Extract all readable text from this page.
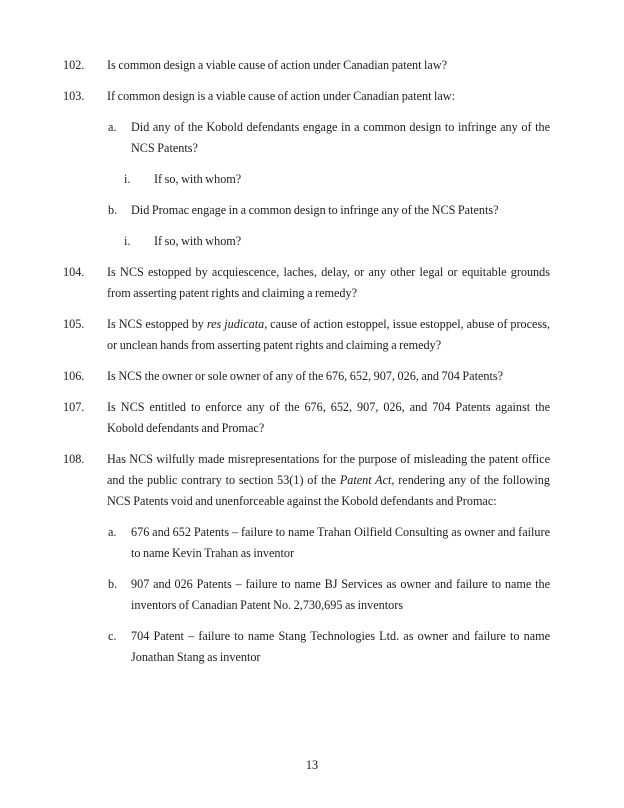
102.	Is common design a viable cause of action under Canadian patent law?

103.	If common design is a viable cause of action under Canadian patent law:

a.	Did any of the Kobold defendants engage in a common design to infringe any of the NCS Patents?

i.	If so, with whom?

b.	Did Promac engage in a common design to infringe any of the NCS Patents?

i.	If so, with whom?

104.	Is NCS estopped by acquiescence, laches, delay, or any other legal or equitable grounds from asserting patent rights and claiming a remedy?

105.	Is NCS estopped by res judicata, cause of action estoppel, issue estoppel, abuse of process, or unclean hands from asserting patent rights and claiming a remedy?

106.	Is NCS the owner or sole owner of any of the 676, 652, 907, 026, and 704 Patents?

107.	Is NCS entitled to enforce any of the 676, 652, 907, 026, and 704 Patents against the Kobold defendants and Promac?

108.	Has NCS wilfully made misrepresentations for the purpose of misleading the patent office and the public contrary to section 53(1) of the Patent Act, rendering any of the following NCS Patents void and unenforceable against the Kobold defendants and Promac:

a.	676 and 652 Patents – failure to name Trahan Oilfield Consulting as owner and failure to name Kevin Trahan as inventor

b.	907 and 026 Patents – failure to name BJ Services as owner and failure to name the inventors of Canadian Patent No. 2,730,695 as inventors

c.	704 Patent – failure to name Stang Technologies Ltd. as owner and failure to name Jonathan Stang as inventor

13
